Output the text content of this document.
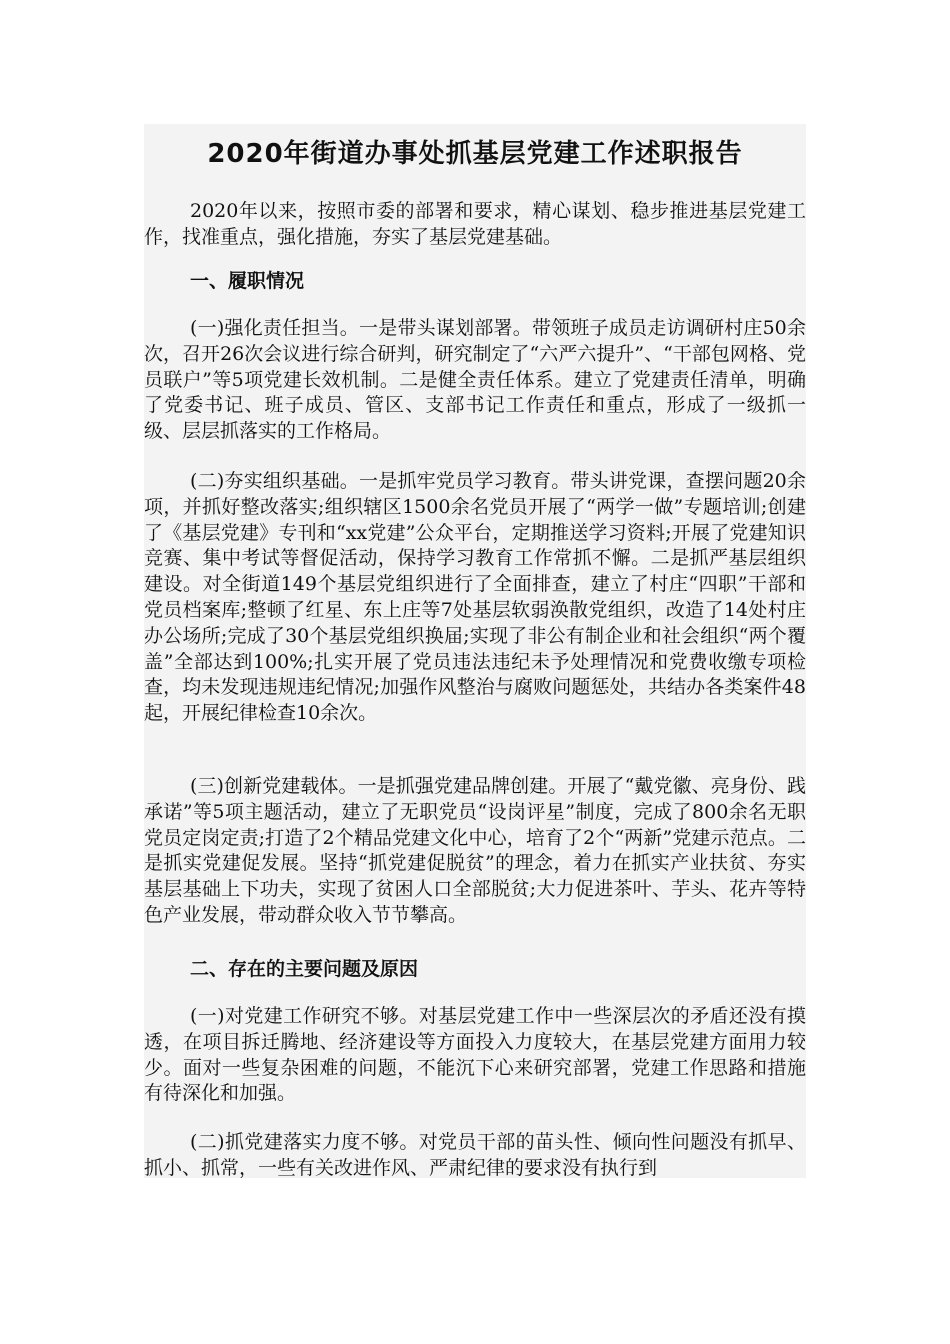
2020年街道办事处抓基层党建工作述职报告

2020年以来，按照市委的部署和要求，精心谋划、稳步推进基层党建工作，找准重点，强化措施，夯实了基层党建基础。

一、履职情况

(一)强化责任担当。一是带头谋划部署。带领班子成员走访调研村庄50余次，召开26次会议进行综合研判，研究制定了“六严六提升”、“干部包网格、党员联户”等5项党建长效机制。二是健全责任体系。建立了党建责任清单，明确了党委书记、班子成员、管区、支部书记工作责任和重点，形成了一级抓一级、层层抓落实的工作格局。

(二)夯实组织基础。一是抓牢党员学习教育。带头讲党课，查摆问题20余项，并抓好整改落实;组织辖区1500余名党员开展了“两学一做”专题培训;创建了《基层党建》专刊和“xx党建”公众平台，定期推送学习资料;开展了党建知识竞赛、集中考试等督促活动，保持学习教育工作常抓不懈。二是抓严基层组织建设。对全街道149个基层党组织进行了全面排查，建立了村庄“四职”干部和党员档案库;整顿了红星、东上庄等7处基层软弱涣散党组织，改造了14处村庄办公场所;完成了30个基层党组织换届;实现了非公有制企业和社会组织“两个覆盖”全部达到100%;扎实开展了党员违法违纪未予处理情况和党费收缴专项检查，均未发现违规违纪情况;加强作风整治与腐败问题惩处，共结办各类案件48起，开展纪律检查10余次。

(三)创新党建载体。一是抓强党建品牌创建。开展了“戴党徽、亮身份、践承诺”等5项主题活动，建立了无职党员“设岗评星”制度，完成了800余名无职党员定岗定责;打造了2个精品党建文化中心，培育了2个“两新”党建示范点。二是抓实党建促发展。坚持“抓党建促脱贫”的理念，着力在抓实产业扶贫、夯实基层基础上下功夫，实现了贫困人口全部脱贫;大力促进茶叶、芋头、花卉等特色产业发展，带动群众收入节节攀高。

二、存在的主要问题及原因

(一)对党建工作研究不够。对基层党建工作中一些深层次的矛盾还没有摸透，在项目拆迁腾地、经济建设等方面投入力度较大，在基层党建方面用力较少。面对一些复杂困难的问题，不能沉下心来研究部署，党建工作思路和措施有待深化和加强。

(二)抓党建落实力度不够。对党员干部的苗头性、倾向性问题没有抓早、抓小、抓常，一些有关改进作风、严肃纪律的要求没有执行到
